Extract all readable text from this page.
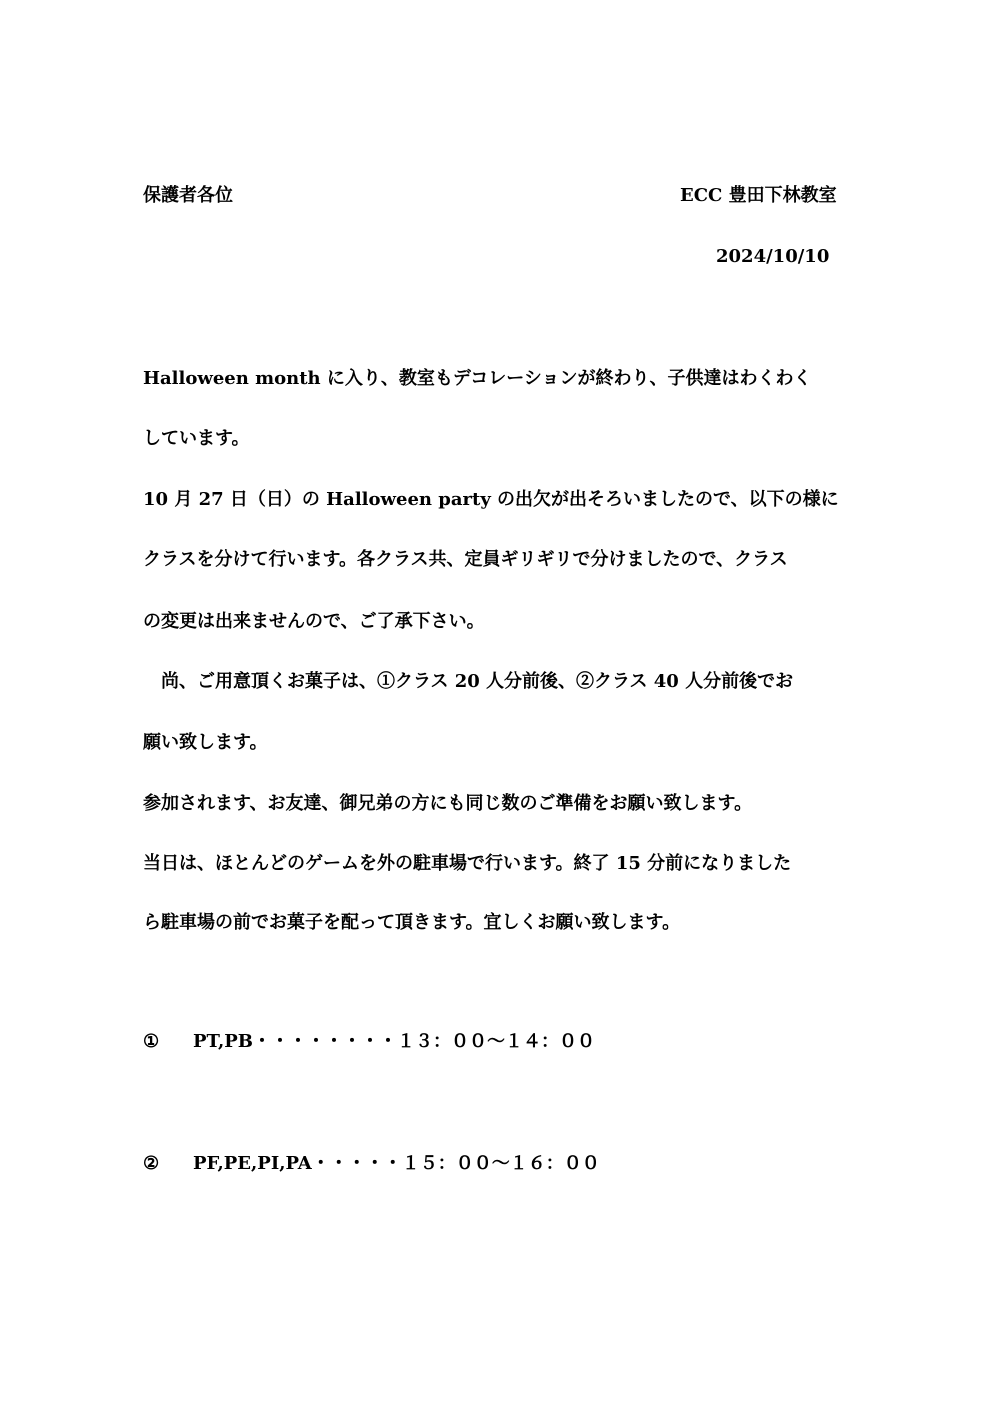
保護者各位	ECC 豊田下林教室
2024/10/10
Halloween month に入り、教室もデコレーションが終わり、子供達はわくわく
しています。
10 月 27 日（日）の Halloween party の出欠が出そろいましたので、以下の様に
クラスを分けて行います。各クラス共、定員ギリギリで分けましたので、クラス
の変更は出来ませんので、ご了承下さい。
　尚、ご用意頂くお菓子は、①クラス 20 人分前後、②クラス 40 人分前後でお
願い致します。
参加されます、お友達、御兄弟の方にも同じ数のご準備をお願い致します。
当日は、ほとんどのゲームを外の駐車場で行います。終了 15 分前になりました
ら駐車場の前でお菓子を配って頂きます。宜しくお願い致します。
① PT,PB・・・・・・・・１３：００～１４：００
② PF,PE,PI,PA・・・・・１５：００～１６：００
